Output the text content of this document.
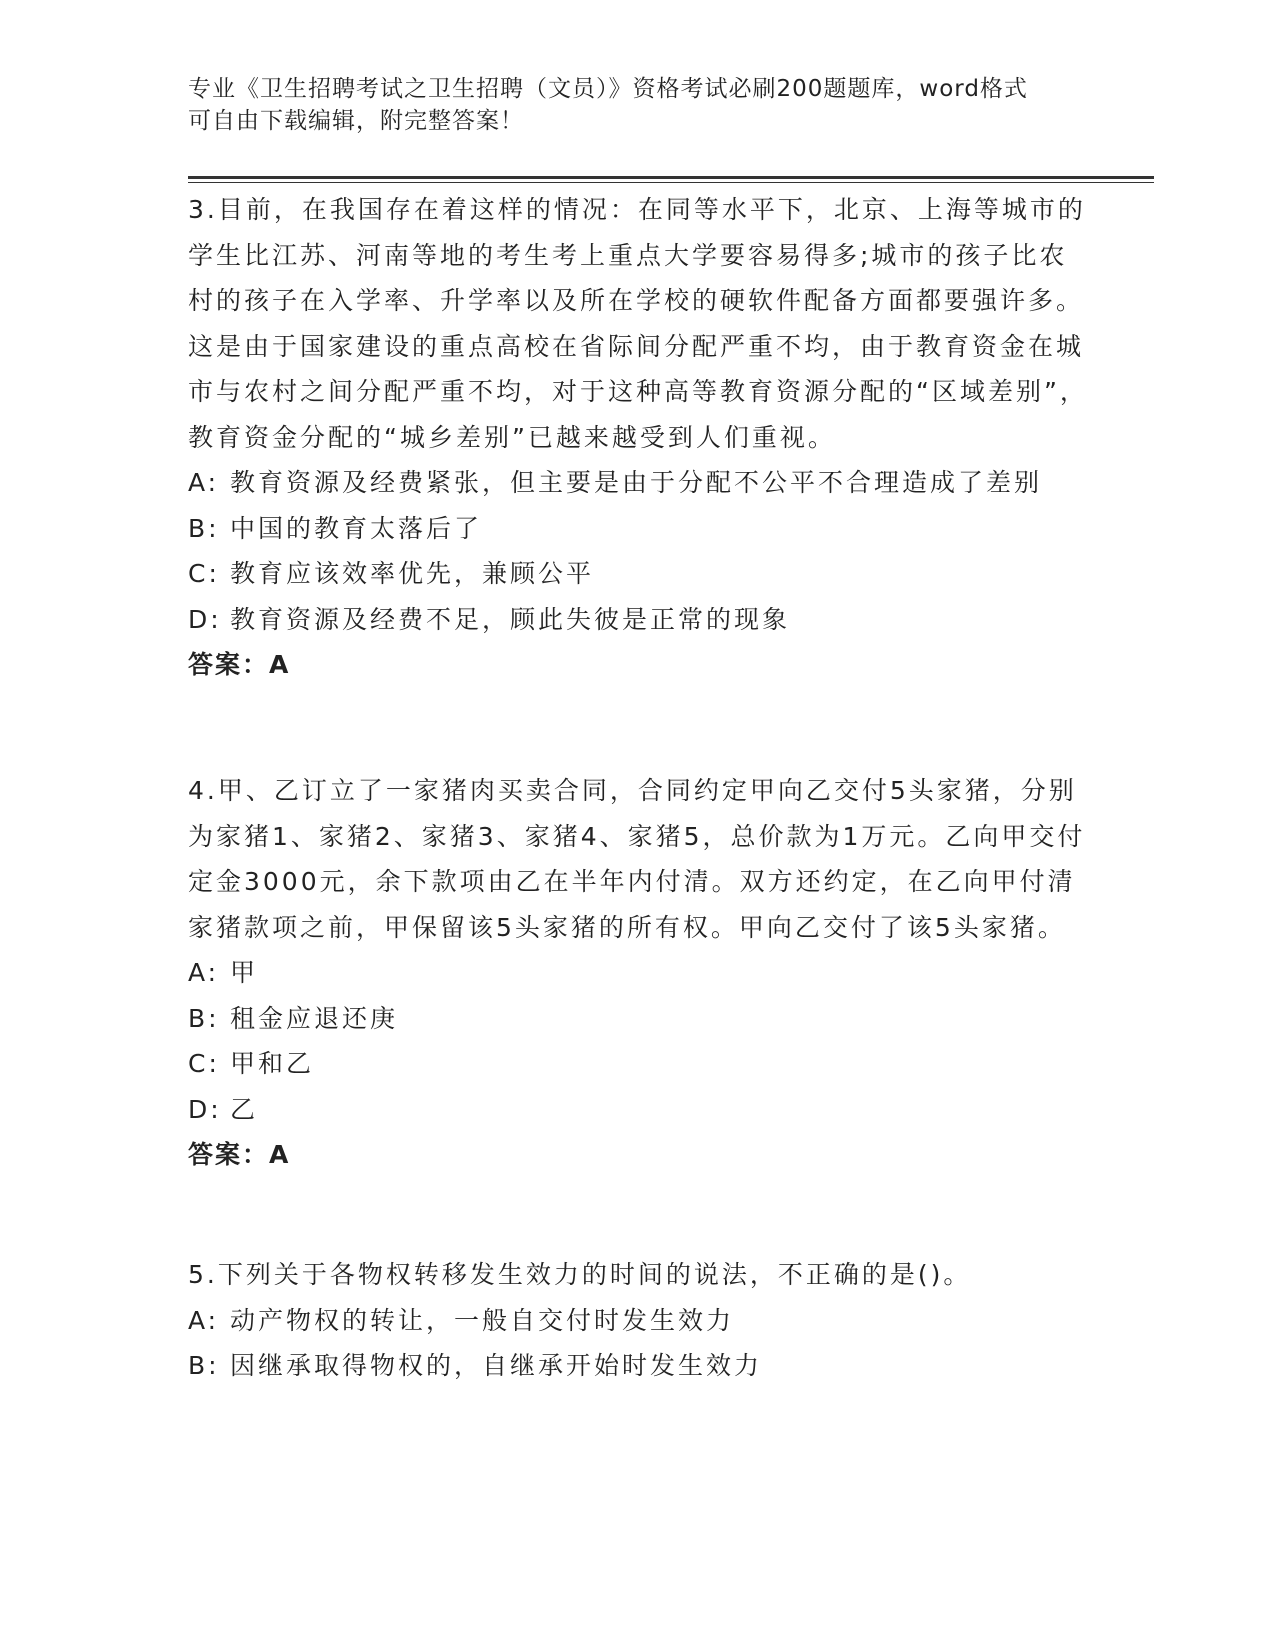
专业《卫生招聘考试之卫生招聘（文员）》资格考试必刷200题题库，word格式
可自由下载编辑，附完整答案！

3.目前，在我国存在着这样的情况：在同等水平下，北京、上海等城市的学生比江苏、河南等地的考生考上重点大学要容易得多;城市的孩子比农村的孩子在入学率、升学率以及所在学校的硬软件配备方面都要强许多。这是由于国家建设的重点高校在省际间分配严重不均，由于教育资金在城市与农村之间分配严重不均，对于这种高等教育资源分配的“区域差别”，教育资金分配的“城乡差别”已越来越受到人们重视。

A: 教育资源及经费紧张，但主要是由于分配不公平不合理造成了差别

B: 中国的教育太落后了

C: 教育应该效率优先，兼顾公平

D: 教育资源及经费不足，顾此失彼是正常的现象

答案：A

4.甲、乙订立了一家猪肉买卖合同，合同约定甲向乙交付5头家猪，分别为家猪1、家猪2、家猪3、家猪4、家猪5，总价款为1万元。乙向甲交付定金3000元，余下款项由乙在半年内付清。双方还约定，在乙向甲付清家猪款项之前，甲保留该5头家猪的所有权。甲向乙交付了该5头家猪。

A: 甲

B: 租金应退还庚

C: 甲和乙

D: 乙

答案：A

5.下列关于各物权转移发生效力的时间的说法，不正确的是()。

A: 动产物权的转让，一般自交付时发生效力

B: 因继承取得物权的，自继承开始时发生效力
